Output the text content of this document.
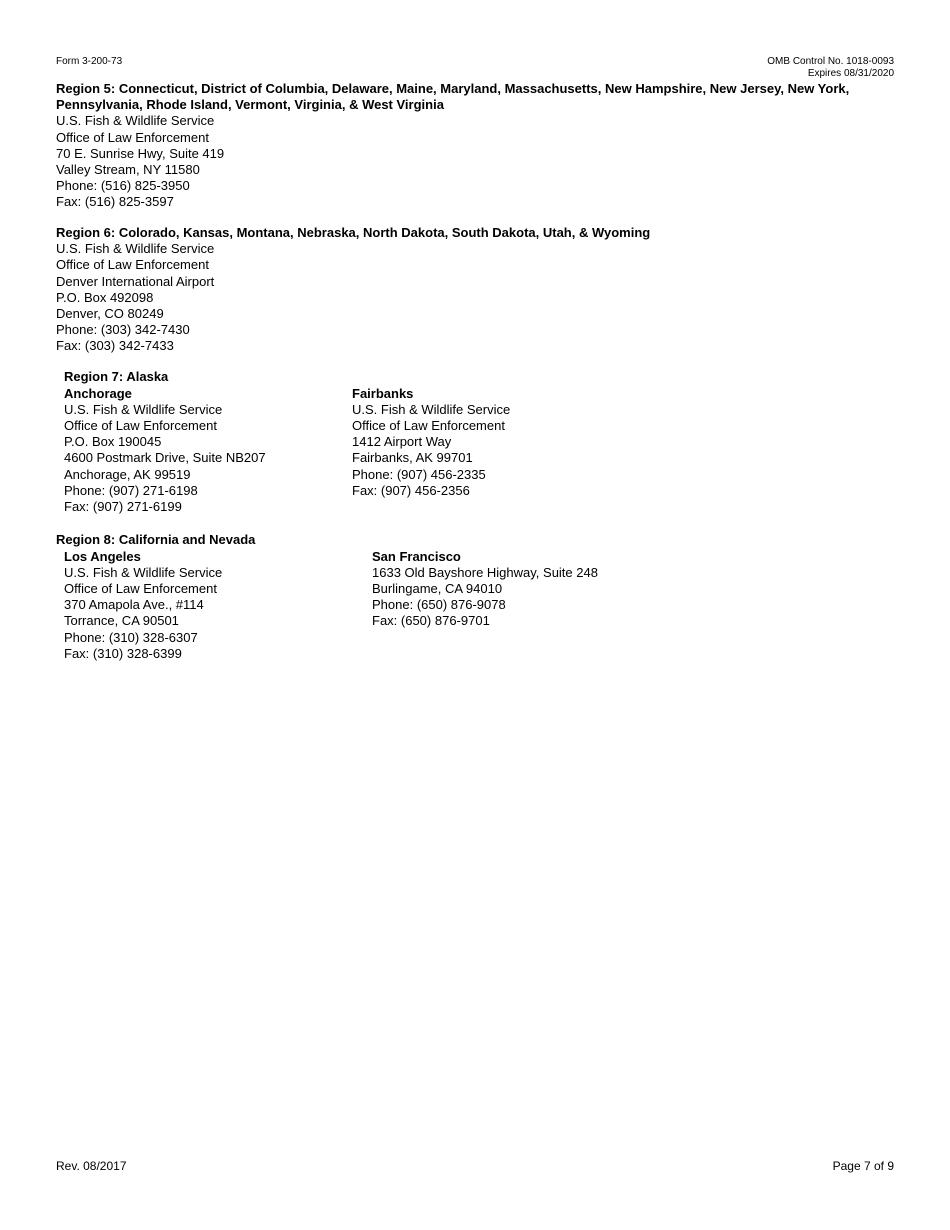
Form 3-200-73	OMB Control No. 1018-0093
Expires 08/31/2020
Region 5: Connecticut, District of Columbia, Delaware, Maine, Maryland, Massachusetts, New Hampshire, New Jersey, New York, Pennsylvania, Rhode Island, Vermont, Virginia, & West Virginia
U.S. Fish & Wildlife Service
Office of Law Enforcement
70 E. Sunrise Hwy, Suite 419
Valley Stream, NY 11580
Phone: (516) 825-3950
Fax: (516) 825-3597
Region 6: Colorado, Kansas, Montana, Nebraska, North Dakota, South Dakota, Utah, & Wyoming
U.S. Fish & Wildlife Service
Office of Law Enforcement
Denver International Airport
P.O. Box 492098
Denver, CO 80249
Phone: (303) 342-7430
Fax: (303) 342-7433
Region 7: Alaska
Anchorage
U.S. Fish & Wildlife Service
Office of Law Enforcement
P.O. Box 190045
4600 Postmark Drive, Suite NB207
Anchorage, AK 99519
Phone: (907) 271-6198
Fax: (907) 271-6199
Fairbanks
U.S. Fish & Wildlife Service
Office of Law Enforcement
1412 Airport Way
Fairbanks, AK 99701
Phone: (907) 456-2335
Fax: (907) 456-2356
Region 8: California and Nevada
Los Angeles
U.S. Fish & Wildlife Service
Office of Law Enforcement
370 Amapola Ave., #114
Torrance, CA 90501
Phone: (310) 328-6307
Fax: (310) 328-6399
San Francisco
1633 Old Bayshore Highway, Suite 248
Burlingame, CA 94010
Phone: (650) 876-9078
Fax: (650) 876-9701
Rev. 08/2017	Page 7 of 9
